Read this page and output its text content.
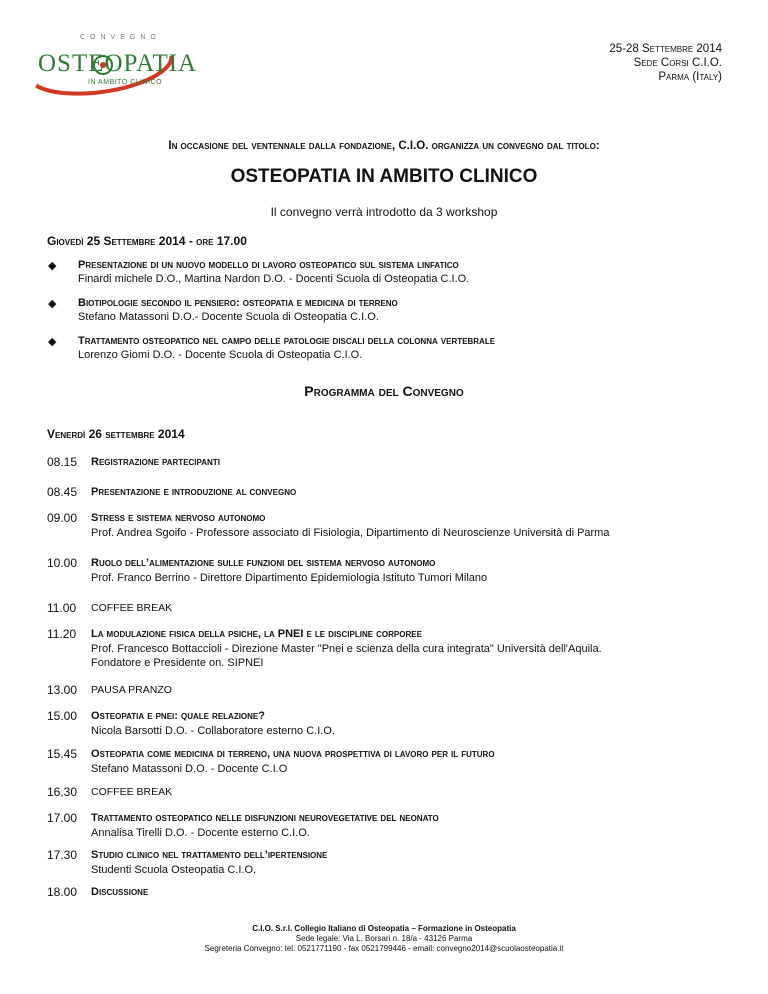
CONVEGNO
OSTEOPATIA
IN AMBITO CLINICO
25-28 Settembre 2014
Sede Corsi C.I.O.
Parma (Italy)
In occasione del ventennale dalla fondazione, C.I.O. organizza un convegno dal titolo:
OSTEOPATIA IN AMBITO CLINICO
Il convegno verrà introdotto da 3 workshop
Giovedì 25 Settembre 2014 - ore 17.00
◆ Presentazione di un nuovo modello di lavoro osteopatico sul sistema linfatico
Finardi michele D.O., Martina Nardon D.O. - Docenti Scuola di Osteopatia C.I.O.
◆ Biotipologie secondo il pensiero: osteopatia e medicina di terreno
Stefano Matassoni D.O.- Docente Scuola di Osteopatia C.I.O.
◆ Trattamento osteopatico nel campo delle patologie discali della colonna vertebrale
Lorenzo Giomi D.O. - Docente Scuola di Osteopatia C.I.O.
Programma del Convegno
Venerdì 26 settembre 2014
08.15 Registrazione partecipanti
08.45 Presentazione e introduzione al convegno
09.00 Stress e sistema nervoso autonomo
Prof. Andrea Sgoifo - Professore associato di Fisiologia, Dipartimento di Neuroscienze Università di Parma
10.00 Ruolo dell’alimentazione sulle funzioni del sistema nervoso autonomo
Prof. Franco Berrino - Direttore Dipartimento Epidemiologia Istituto Tumori Milano
11.00 COFFEE BREAK
11.20 La modulazione fisica della psiche, la PNEI e le discipline corporee
Prof. Francesco Bottaccioli - Direzione Master "Pnei e scienza della cura integrata" Università dell'Aquila.
Fondatore e Presidente on. SIPNEI
13.00 PAUSA PRANZO
15.00 Osteopatia e pnei: quale relazione?
Nicola Barsotti D.O. - Collaboratore esterno C.I.O.
15.45 Osteopatia come medicina di terreno, una nuova prospettiva di lavoro per il futuro
Stefano Matassoni D.O. - Docente C.I.O
16.30 COFFEE BREAK
17.00 Trattamento osteopatico nelle disfunzioni neurovegetative del neonato
Annalisa Tirelli D.O. - Docente esterno C.I.O.
17.30 Studio clinico nel trattamento dell’ipertensione
Studenti Scuola Osteopatia C.I.O.
18.00 Discussione
C.I.O. S.r.l. Collegio Italiano di Osteopatia – Formazione in Osteopatia
Sede legale: Via L. Borsari n. 18/a - 43126 Parma
Segreteria Convegno: tel. 0521771190 - fax 0521799446 - email: convegno2014@scuolaosteopatia.it
